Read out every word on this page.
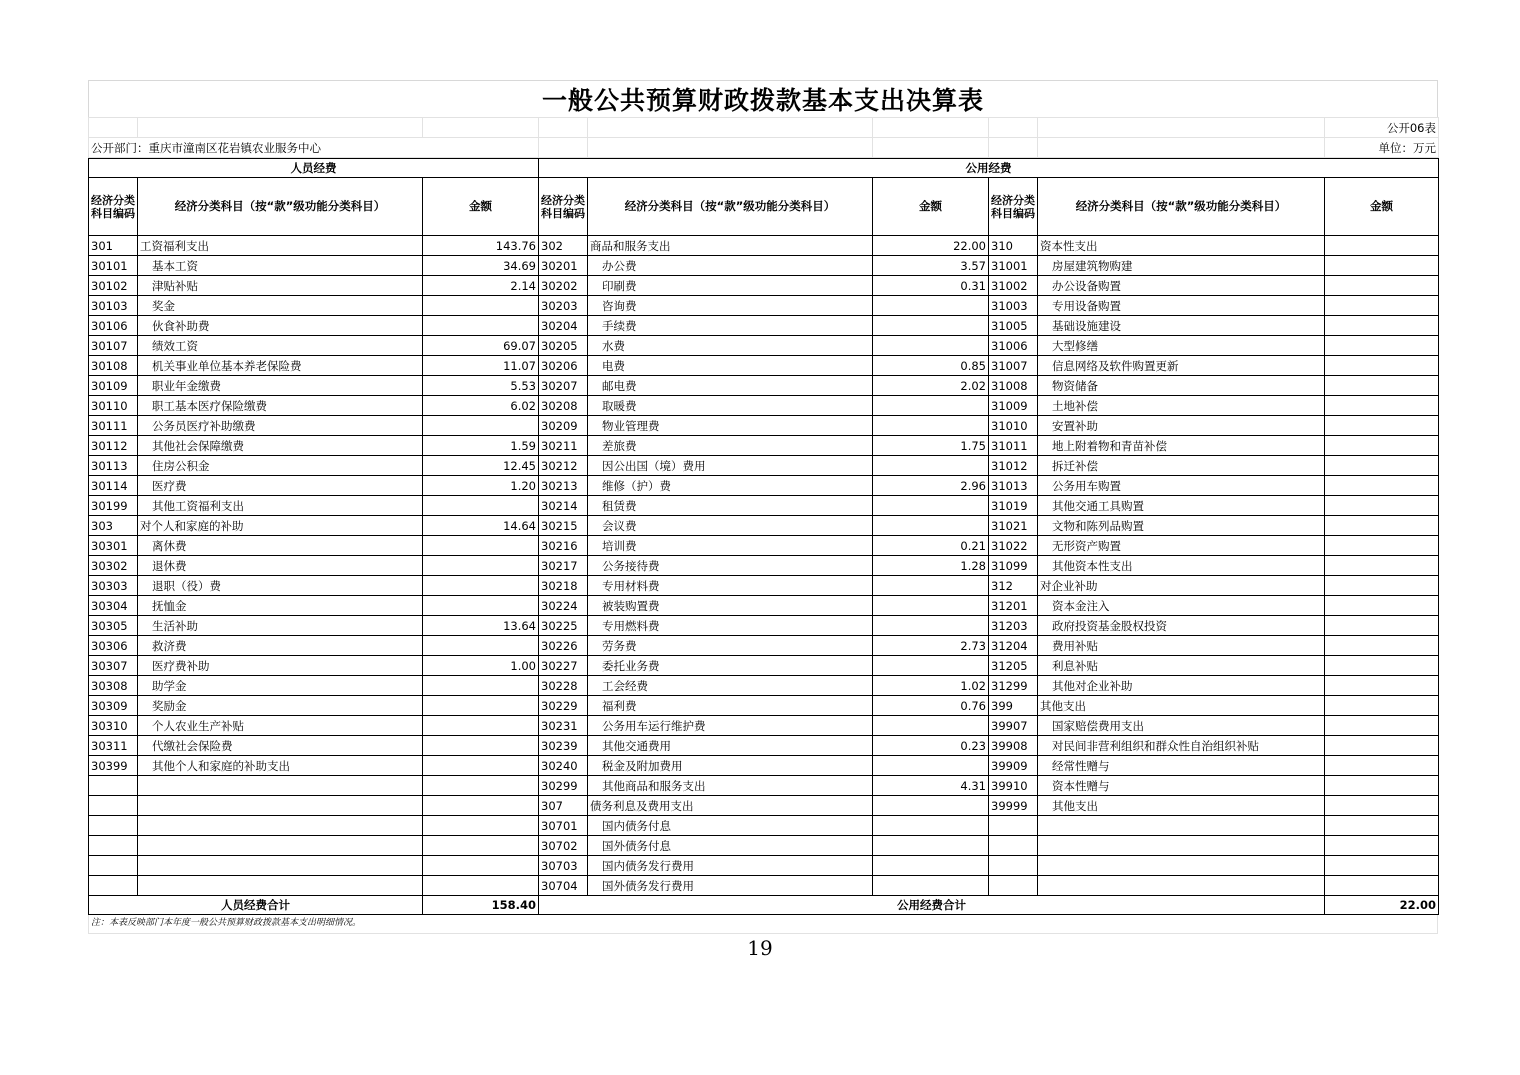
一般公共预算财政拨款基本支出决算表
								公开06表
公开部门：重庆市潼南区花岩镇农业服务中心								单位：万元
人员经费			公用经费					
经济分类科目编码	经济分类科目（按“款”级功能分类科目）	金额	经济分类科目编码	经济分类科目（按“款”级功能分类科目）	金额	经济分类科目编码	经济分类科目（按“款”级功能分类科目）	金额
301	工资福利支出	143.76	302	商品和服务支出	22.00	310	资本性支出	
30101	基本工资	34.69	30201	办公费	3.57	31001	房屋建筑物购建	
30102	津贴补贴	2.14	30202	印刷费	0.31	31002	办公设备购置	
30103	奖金		30203	咨询费		31003	专用设备购置	
30106	伙食补助费		30204	手续费		31005	基础设施建设	
30107	绩效工资	69.07	30205	水费		31006	大型修缮	
30108	机关事业单位基本养老保险费	11.07	30206	电费	0.85	31007	信息网络及软件购置更新	
30109	职业年金缴费	5.53	30207	邮电费	2.02	31008	物资储备	
30110	职工基本医疗保险缴费	6.02	30208	取暖费		31009	土地补偿	
30111	公务员医疗补助缴费		30209	物业管理费		31010	安置补助	
30112	其他社会保障缴费	1.59	30211	差旅费	1.75	31011	地上附着物和青苗补偿	
30113	住房公积金	12.45	30212	因公出国（境）费用		31012	拆迁补偿	
30114	医疗费	1.20	30213	维修（护）费	2.96	31013	公务用车购置	
30199	其他工资福利支出		30214	租赁费		31019	其他交通工具购置	
303	对个人和家庭的补助	14.64	30215	会议费		31021	文物和陈列品购置	
30301	离休费		30216	培训费	0.21	31022	无形资产购置	
30302	退休费		30217	公务接待费	1.28	31099	其他资本性支出	
30303	退职（役）费		30218	专用材料费		312	对企业补助	
30304	抚恤金		30224	被装购置费		31201	资本金注入	
30305	生活补助	13.64	30225	专用燃料费		31203	政府投资基金股权投资	
30306	救济费		30226	劳务费	2.73	31204	费用补贴	
30307	医疗费补助	1.00	30227	委托业务费		31205	利息补贴	
30308	助学金		30228	工会经费	1.02	31299	其他对企业补助	
30309	奖励金		30229	福利费	0.76	399	其他支出	
30310	个人农业生产补贴		30231	公务用车运行维护费		39907	国家赔偿费用支出	
30311	代缴社会保险费		30239	其他交通费用	0.23	39908	对民间非营利组织和群众性自治组织补贴	
30399	其他个人和家庭的补助支出		30240	税金及附加费用		39909	经常性赠与	
			30299	其他商品和服务支出	4.31	39910	资本性赠与	
			307	债务利息及费用支出		39999	其他支出	
			30701	国内债务付息				
			30702	国外债务付息				
			30703	国内债务发行费用				
			30704	国外债务发行费用				
人员经费合计		158.40	公用经费合计					22.00
注：本表反映部门本年度一般公共预算财政拨款基本支出明细情况。
19
